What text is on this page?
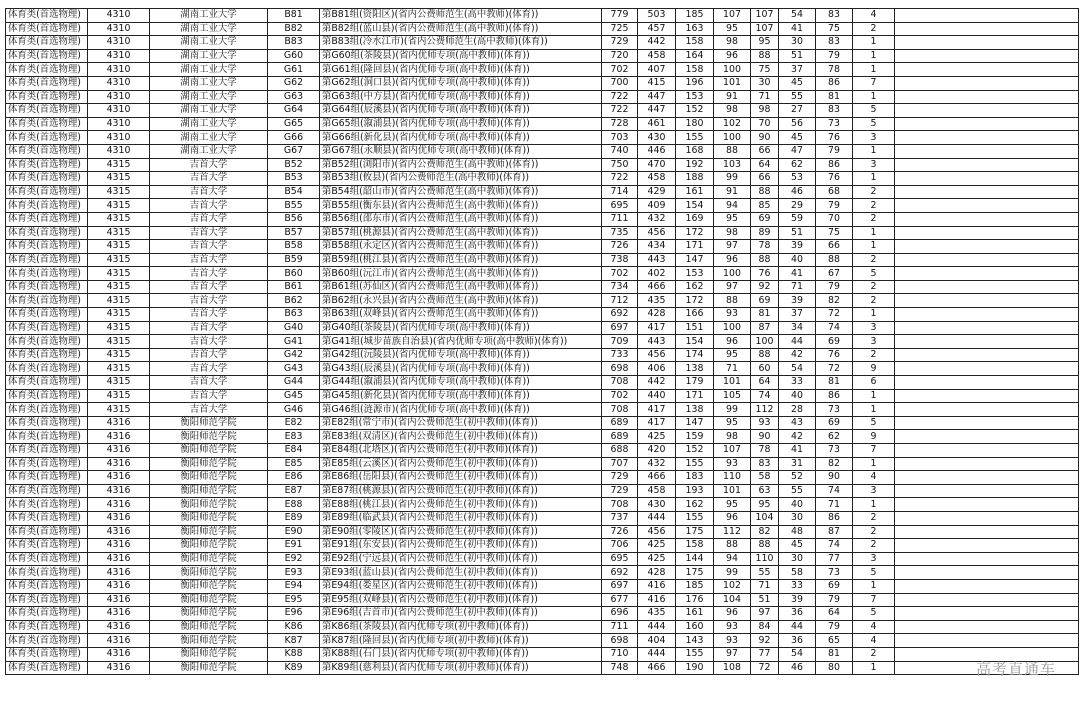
体育类(首选物理)	4310	湖南工业大学	B81	第B81组(资阳区)(省内公费师范生(高中教师)(体育))	779	503	185	107	107	54	83	4	
体育类(首选物理)	4310	湖南工业大学	B82	第B82组(蓝山县)(省内公费师范生(高中教师)(体育))	725	457	163	95	107	41	75	2	
体育类(首选物理)	4310	湖南工业大学	B83	第B83组(冷水江市)(省内公费师范生(高中教师)(体育))	729	442	158	98	95	30	83	1	
体育类(首选物理)	4310	湖南工业大学	G60	第G60组(茶陵县)(省内优师专项(高中教师)(体育))	720	458	164	96	88	51	79	1	
体育类(首选物理)	4310	湖南工业大学	G61	第G61组(隆回县)(省内优师专项(高中教师)(体育))	702	407	158	100	75	37	78	1	
体育类(首选物理)	4310	湖南工业大学	G62	第G62组(洞口县)(省内优师专项(高中教师)(体育))	700	415	196	101	30	45	86	7	
体育类(首选物理)	4310	湖南工业大学	G63	第G63组(中方县)(省内优师专项(高中教师)(体育))	722	447	153	91	71	55	81	1	
体育类(首选物理)	4310	湖南工业大学	G64	第G64组(辰溪县)(省内优师专项(高中教师)(体育))	722	447	152	98	98	27	83	5	
体育类(首选物理)	4310	湖南工业大学	G65	第G65组(溆浦县)(省内优师专项(高中教师)(体育))	728	461	180	102	70	56	73	5	
体育类(首选物理)	4310	湖南工业大学	G66	第G66组(新化县)(省内优师专项(高中教师)(体育))	703	430	155	100	90	45	76	3	
体育类(首选物理)	4310	湖南工业大学	G67	第G67组(永顺县)(省内优师专项(高中教师)(体育))	740	446	168	88	66	47	79	1	
体育类(首选物理)	4315	吉首大学	B52	第B52组(浏阳市)(省内公费师范生(高中教师)(体育))	750	470	192	103	64	62	86	3	
体育类(首选物理)	4315	吉首大学	B53	第B53组(攸县)(省内公费师范生(高中教师)(体育))	722	458	188	99	66	53	76	1	
体育类(首选物理)	4315	吉首大学	B54	第B54组(韶山市)(省内公费师范生(高中教师)(体育))	714	429	161	91	88	46	68	2	
体育类(首选物理)	4315	吉首大学	B55	第B55组(衡东县)(省内公费师范生(高中教师)(体育))	695	409	154	94	85	29	79	2	
体育类(首选物理)	4315	吉首大学	B56	第B56组(邵东市)(省内公费师范生(高中教师)(体育))	711	432	169	95	69	59	70	2	
体育类(首选物理)	4315	吉首大学	B57	第B57组(桃源县)(省内公费师范生(高中教师)(体育))	735	456	172	98	89	51	75	1	
体育类(首选物理)	4315	吉首大学	B58	第B58组(永定区)(省内公费师范生(高中教师)(体育))	726	434	171	97	78	39	66	1	
体育类(首选物理)	4315	吉首大学	B59	第B59组(桃江县)(省内公费师范生(高中教师)(体育))	738	443	147	96	88	40	88	2	
体育类(首选物理)	4315	吉首大学	B60	第B60组(沅江市)(省内公费师范生(高中教师)(体育))	702	402	153	100	76	41	67	5	
体育类(首选物理)	4315	吉首大学	B61	第B61组(苏仙区)(省内公费师范生(高中教师)(体育))	734	466	162	97	92	71	79	2	
体育类(首选物理)	4315	吉首大学	B62	第B62组(永兴县)(省内公费师范生(高中教师)(体育))	712	435	172	88	69	39	82	2	
体育类(首选物理)	4315	吉首大学	B63	第B63组(双峰县)(省内公费师范生(高中教师)(体育))	692	428	166	93	81	37	72	1	
体育类(首选物理)	4315	吉首大学	G40	第G40组(茶陵县)(省内优师专项(高中教师)(体育))	697	417	151	100	87	34	74	3	
体育类(首选物理)	4315	吉首大学	G41	第G41组(城步苗族自治县)(省内优师专项(高中教师)(体育))	709	443	154	96	100	44	69	3	
体育类(首选物理)	4315	吉首大学	G42	第G42组(沅陵县)(省内优师专项(高中教师)(体育))	733	456	174	95	88	42	76	2	
体育类(首选物理)	4315	吉首大学	G43	第G43组(辰溪县)(省内优师专项(高中教师)(体育))	698	406	138	71	60	54	72	9	
体育类(首选物理)	4315	吉首大学	G44	第G44组(溆浦县)(省内优师专项(高中教师)(体育))	708	442	179	101	64	33	81	6	
体育类(首选物理)	4315	吉首大学	G45	第G45组(新化县)(省内优师专项(高中教师)(体育))	702	440	171	105	74	40	86	1	
体育类(首选物理)	4315	吉首大学	G46	第G46组(涟源市)(省内优师专项(高中教师)(体育))	708	417	138	99	112	28	73	1	
体育类(首选物理)	4316	衡阳师范学院	E82	第E82组(常宁市)(省内公费师范生(初中教师)(体育))	689	417	147	95	93	43	69	5	
体育类(首选物理)	4316	衡阳师范学院	E83	第E83组(双清区)(省内公费师范生(初中教师)(体育))	689	425	159	98	90	42	62	9	
体育类(首选物理)	4316	衡阳师范学院	E84	第E84组(北塔区)(省内公费师范生(初中教师)(体育))	688	420	152	107	78	41	73	7	
体育类(首选物理)	4316	衡阳师范学院	E85	第E85组(云溪区)(省内公费师范生(初中教师)(体育))	707	432	155	93	83	31	82	1	
体育类(首选物理)	4316	衡阳师范学院	E86	第E86组(岳阳县)(省内公费师范生(初中教师)(体育))	729	466	183	110	58	52	90	4	
体育类(首选物理)	4316	衡阳师范学院	E87	第E87组(桃源县)(省内公费师范生(初中教师)(体育))	729	458	193	101	63	55	74	3	
体育类(首选物理)	4316	衡阳师范学院	E88	第E88组(桃江县)(省内公费师范生(初中教师)(体育))	708	430	162	95	95	40	71	1	
体育类(首选物理)	4316	衡阳师范学院	E89	第E89组(临武县)(省内公费师范生(初中教师)(体育))	737	444	155	96	104	30	86	2	
体育类(首选物理)	4316	衡阳师范学院	E90	第E90组(零陵区)(省内公费师范生(初中教师)(体育))	726	456	175	112	82	48	87	2	
体育类(首选物理)	4316	衡阳师范学院	E91	第E91组(东安县)(省内公费师范生(初中教师)(体育))	706	425	158	88	88	45	74	2	
体育类(首选物理)	4316	衡阳师范学院	E92	第E92组(宁远县)(省内公费师范生(初中教师)(体育))	695	425	144	94	110	30	77	3	
体育类(首选物理)	4316	衡阳师范学院	E93	第E93组(蓝山县)(省内公费师范生(初中教师)(体育))	692	428	175	99	55	58	73	5	
体育类(首选物理)	4316	衡阳师范学院	E94	第E94组(娄星区)(省内公费师范生(初中教师)(体育))	697	416	185	102	71	33	69	1	
体育类(首选物理)	4316	衡阳师范学院	E95	第E95组(双峰县)(省内公费师范生(初中教师)(体育))	677	416	176	104	51	39	79	7	
体育类(首选物理)	4316	衡阳师范学院	E96	第E96组(吉首市)(省内公费师范生(初中教师)(体育))	696	435	161	96	97	36	64	5	
体育类(首选物理)	4316	衡阳师范学院	K86	第K86组(茶陵县)(省内优师专项(初中教师)(体育))	711	444	160	93	84	44	79	4	
体育类(首选物理)	4316	衡阳师范学院	K87	第K87组(隆回县)(省内优师专项(初中教师)(体育))	698	404	143	93	92	36	65	4	
体育类(首选物理)	4316	衡阳师范学院	K88	第K88组(石门县)(省内优师专项(初中教师)(体育))	710	444	155	97	77	54	81	2	
体育类(首选物理)	4316	衡阳师范学院	K89	第K89组(慈利县)(省内优师专项(初中教师)(体育))	748	466	190	108	72	46	80	1		高考直通车
